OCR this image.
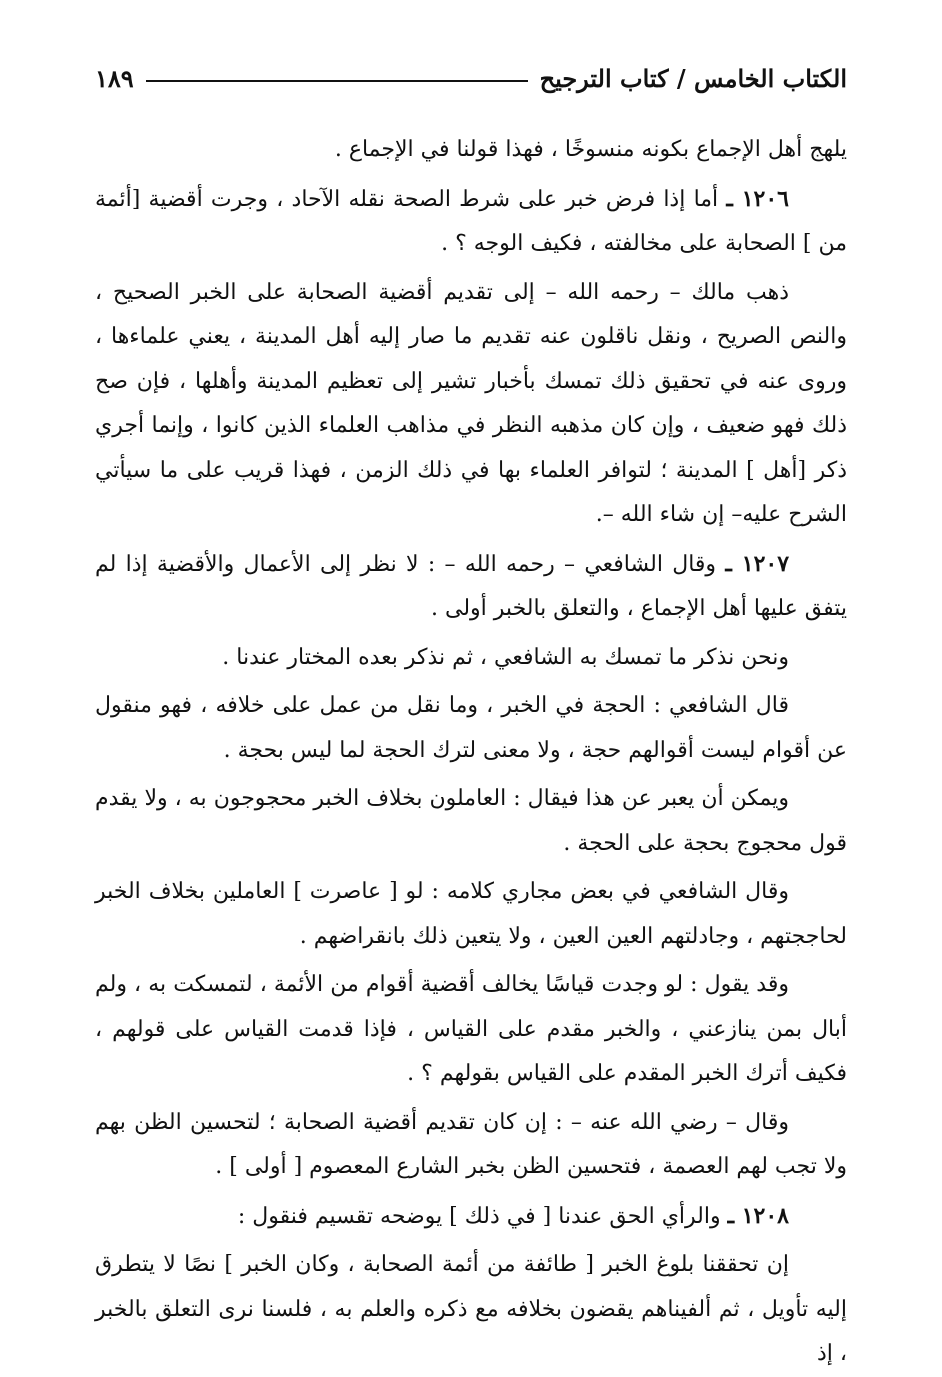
الكتاب الخامس / كتاب الترجيح
١٨٩

يلهج أهل الإجماع بكونه منسوخًا ، فهذا قولنا في الإجماع .

١٢٠٦ ـ أما إذا فرض خبر على شرط الصحة نقله الآحاد ، وجرت أقضية [أئمة من ] الصحابة على مخالفته ، فكيف الوجه ؟ .

ذهب مالك – رحمه الله – إلى تقديم أقضية الصحابة على الخبر الصحيح ، والنص الصريح ، ونقل ناقلون عنه تقديم ما صار إليه أهل المدينة ، يعني علماءها ، وروى عنه في تحقيق ذلك تمسك بأخبار تشير إلى تعظيم المدينة وأهلها ، فإن صح ذلك فهو ضعيف ، وإن كان مذهبه النظر في مذاهب العلماء الذين كانوا ، وإنما أجري ذكر [أهل ] المدينة ؛ لتوافر العلماء بها في ذلك الزمن ، فهذا قريب على ما سيأتي الشرح عليه– إن شاء الله –.

١٢٠٧ ـ وقال الشافعي – رحمه الله – : لا نظر إلى الأعمال والأقضية إذا لم يتفق عليها أهل الإجماع ، والتعلق بالخبر أولى .

ونحن نذكر ما تمسك به الشافعي ، ثم نذكر بعده المختار عندنا .

قال الشافعي : الحجة في الخبر ، وما نقل من عمل على خلافه ، فهو منقول عن أقوام ليست أقوالهم حجة ، ولا معنى لترك الحجة لما ليس بحجة .

ويمكن أن يعبر عن هذا فيقال : العاملون بخلاف الخبر محجوجون به ، ولا يقدم قول محجوج بحجة على الحجة .

وقال الشافعي في بعض مجاري كلامه : لو [ عاصرت ] العاملين بخلاف الخبر لحاججتهم ، وجادلتهم العين العين ، ولا يتعين ذلك بانقراضهم .

وقد يقول : لو وجدت قياسًا يخالف أقضية أقوام من الأئمة ، لتمسكت به ، ولم أبال بمن ينازعني ، والخبر مقدم على القياس ، فإذا قدمت القياس على قولهم ، فكيف أترك الخبر المقدم على القياس بقولهم ؟ .

وقال – رضي الله عنه – : إن كان تقديم أقضية الصحابة ؛ لتحسين الظن بهم ولا تجب لهم العصمة ، فتحسين الظن بخبر الشارع المعصوم [ أولى ] .

١٢٠٨ ـ والرأي الحق عندنا [ في ذلك ] يوضحه تقسيم فنقول :

إن تحققنا بلوغ الخبر [ طائفة من أئمة الصحابة ، وكان الخبر ] نصًا لا يتطرق إليه تأويل ، ثم ألفيناهم يقضون بخلافه مع ذكره والعلم به ، فلسنا نرى التعلق بالخبر ، إذ
